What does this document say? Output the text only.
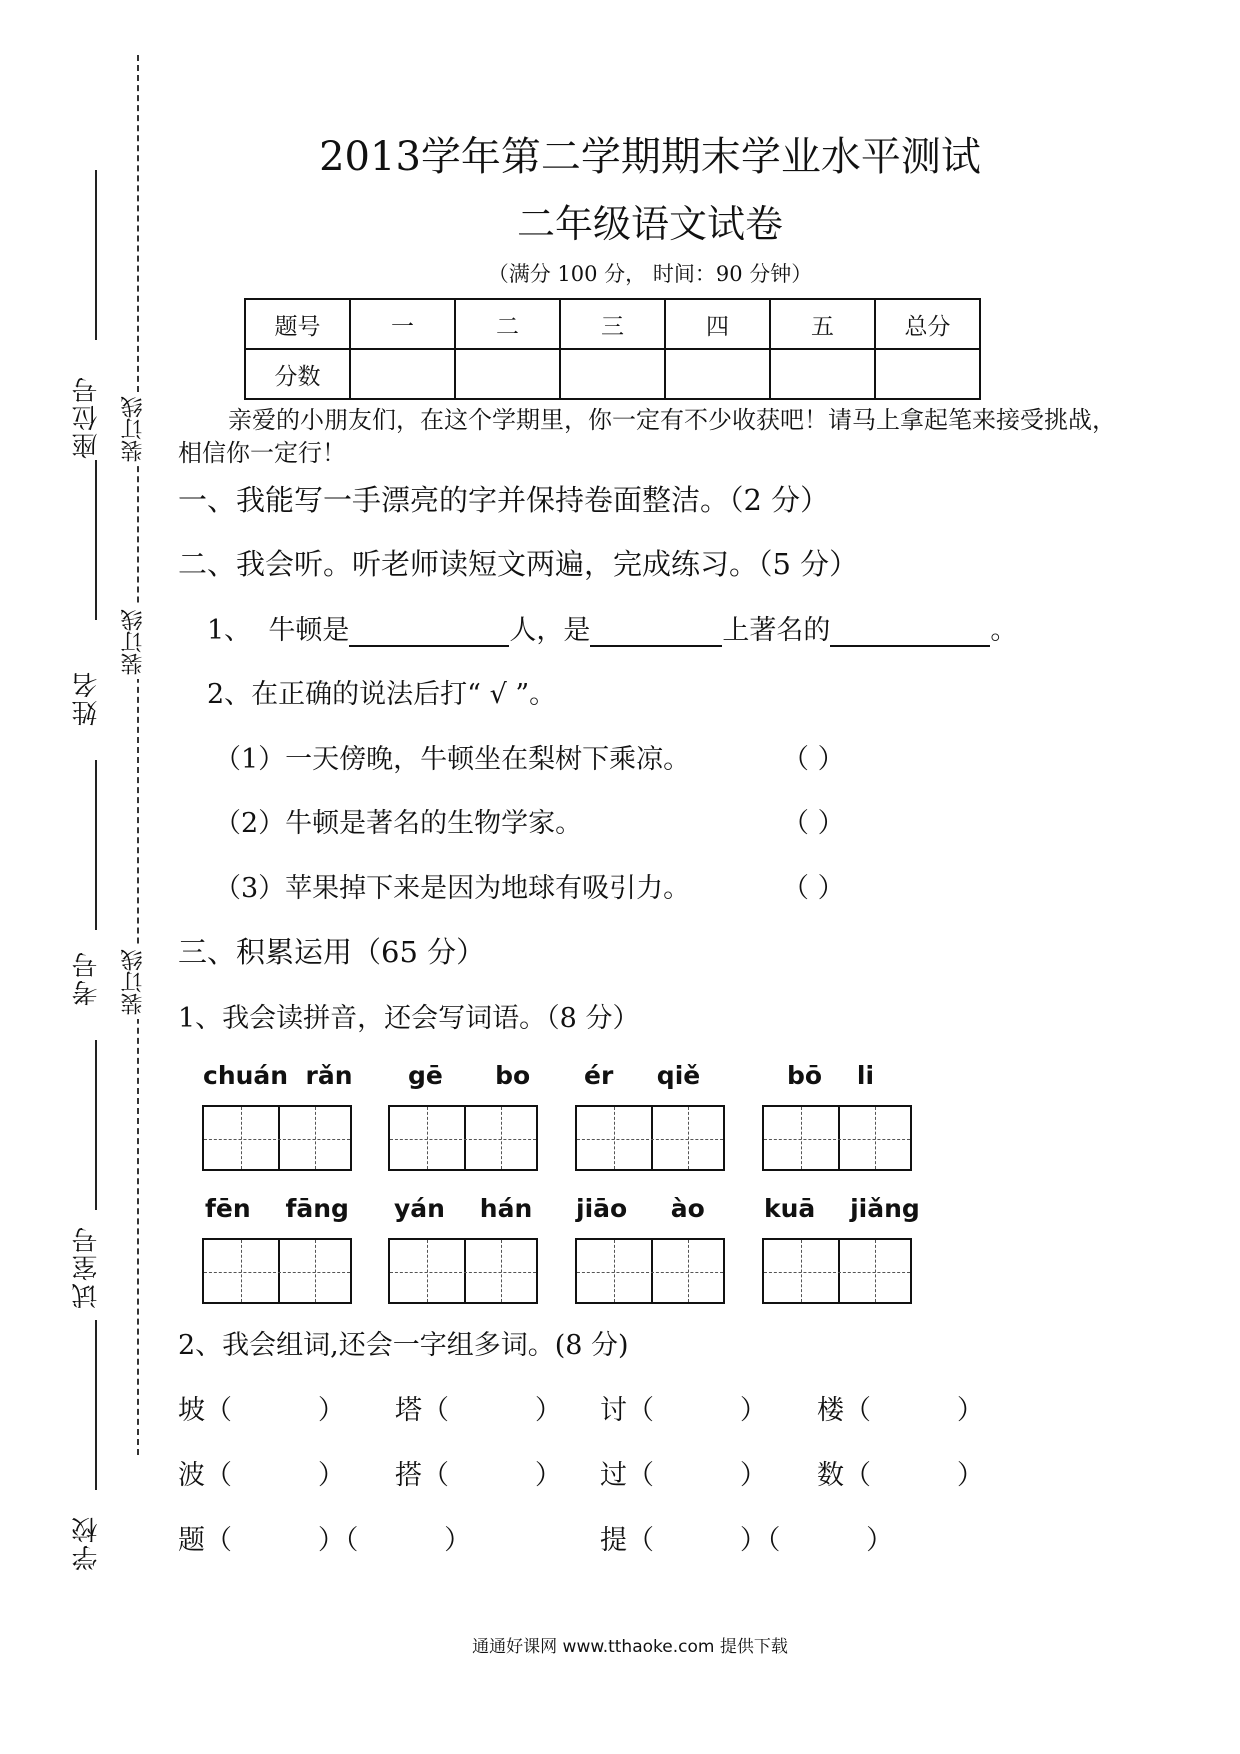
座位号
姓名
考号
试室号
学校
装订线
装订线
装订线
2013学年第二学期期末学业水平测试
二年级语文试卷
（满分 100 分， 时间：90 分钟）
题号	一	二	三	四	五	总分
分数						
亲爱的小朋友们，在这个学期里，你一定有不少收获吧！请马上拿起笔来接受挑战，
相信你一定行！
一、我能写一手漂亮的字并保持卷面整洁。（2 分）
二、我会听。听老师读短文两遍，完成练习。（5 分）
1、 牛顿是	人，是	上著名的	。
2、在正确的说法后打“ √ ”。
（1）一天傍晚，牛顿坐在梨树下乘凉。	（ ）
（2）牛顿是著名的生物学家。	（ ）
（3）苹果掉下来是因为地球有吸引力。	（ ）
三、积累运用（65 分）
1、我会读拼音，还会写词语。（8 分）
chuán  rǎn gē      bo ér     qiě	bō    li
fēn    fāng yán    hán jiāo     ào kuā    jiǎng
2、我会组词,还会一字组多词。(8 分)
坡（          ） 塔（          ） 讨（          ） 楼（          ）
波（          ） 搭（          ） 过（          ） 数（          ）
题（          ）（          ）	提（          ）（          ）
通通好课网 www.tthaoke.com 提供下载
